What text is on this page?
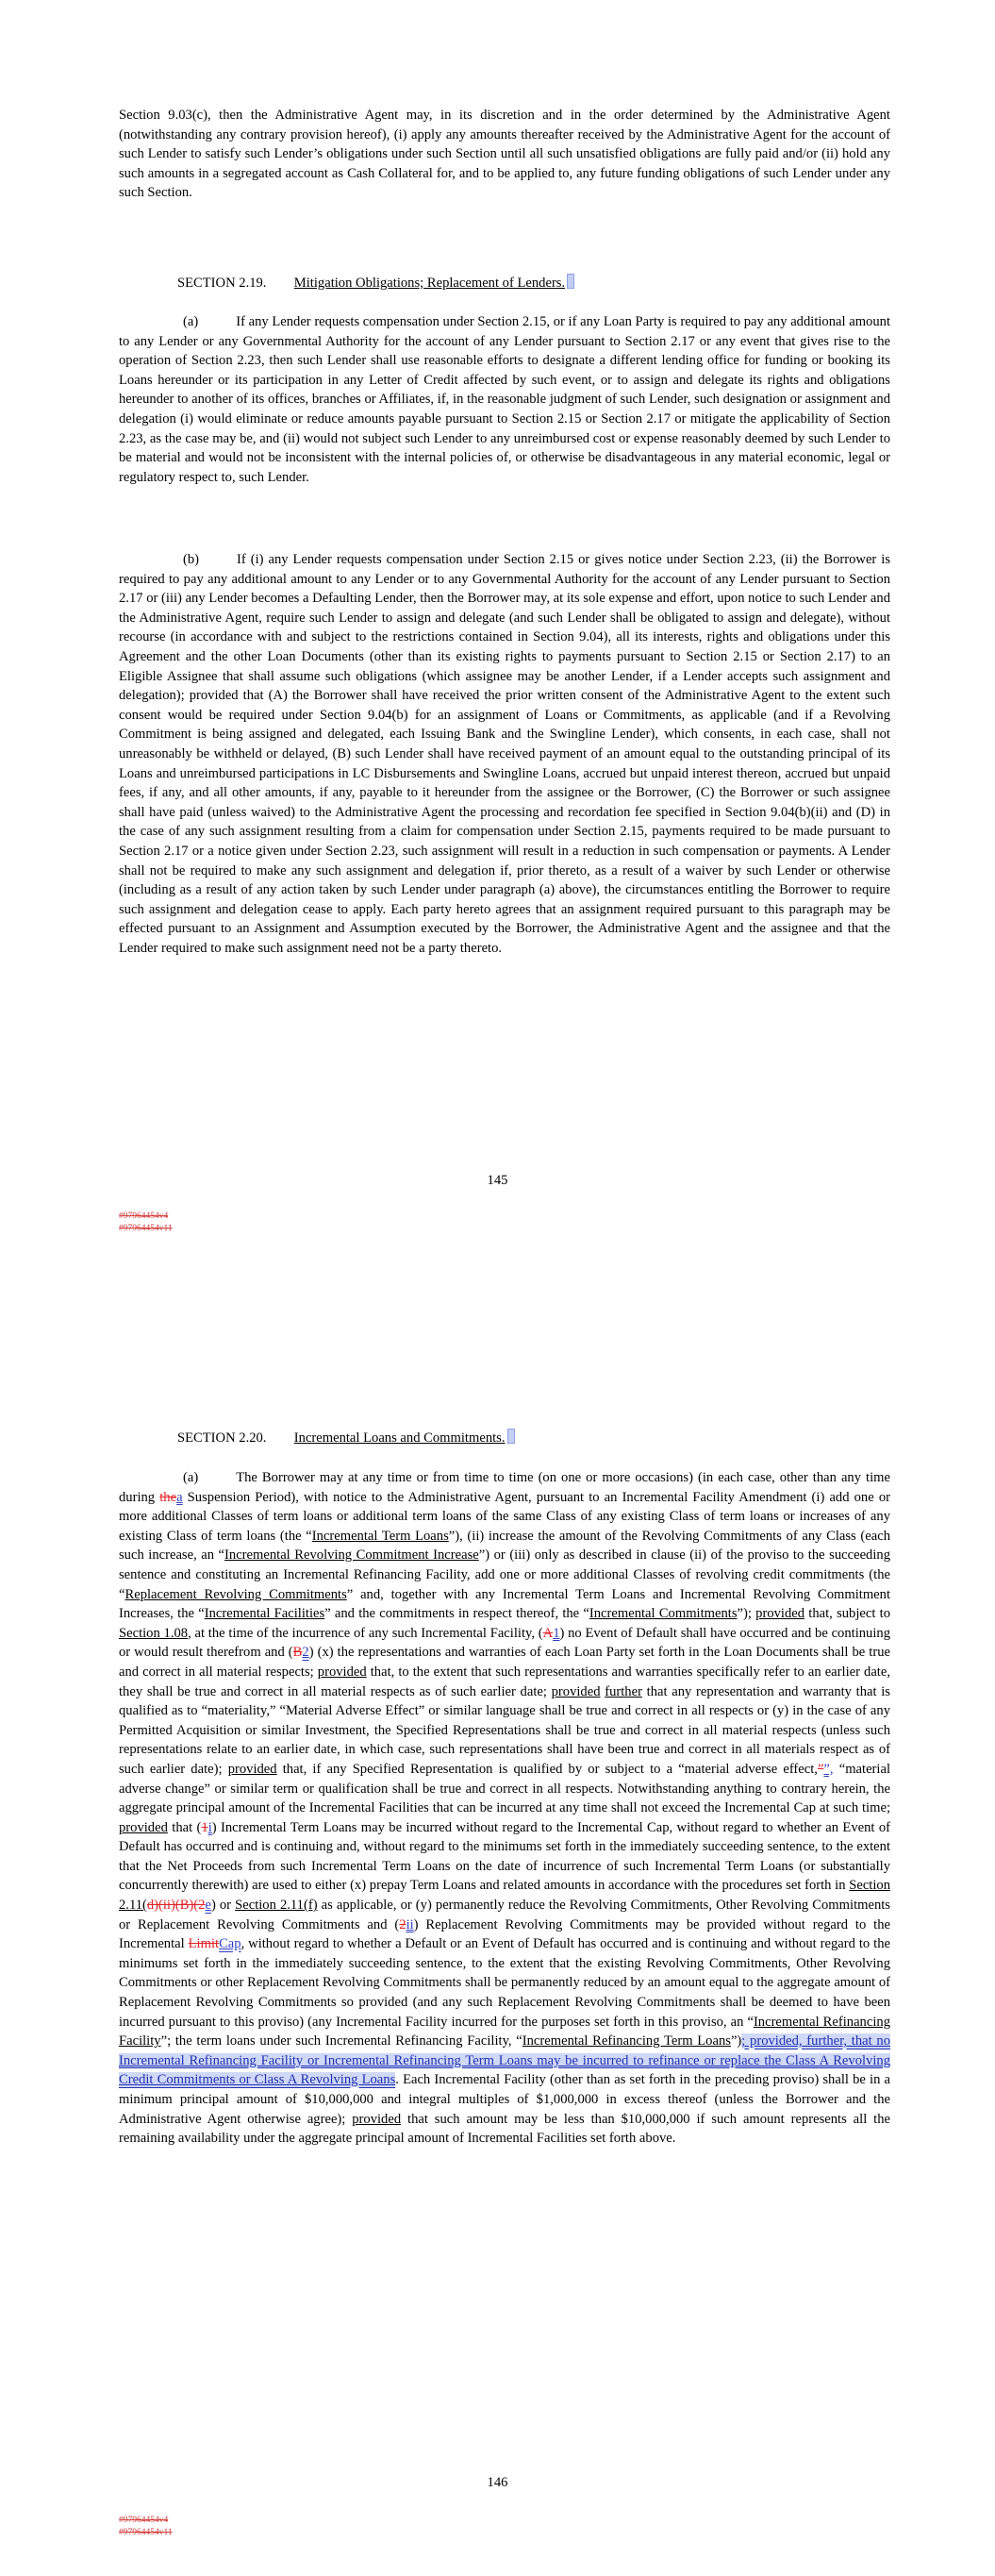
Section 9.03(c), then the Administrative Agent may, in its discretion and in the order determined by the Administrative Agent (notwithstanding any contrary provision hereof), (i) apply any amounts thereafter received by the Administrative Agent for the account of such Lender to satisfy such Lender’s obligations under such Section until all such unsatisfied obligations are fully paid and/or (ii) hold any such amounts in a segregated account as Cash Collateral for, and to be applied to, any future funding obligations of such Lender under any such Section.

SECTION 2.19. Mitigation Obligations; Replacement of Lenders.

(a)	If any Lender requests compensation under Section 2.15, or if any Loan Party is required to pay any additional amount to any Lender or any Governmental Authority for the account of any Lender pursuant to Section 2.17 or any event that gives rise to the operation of Section 2.23, then such Lender shall use reasonable efforts to designate a different lending office for funding or booking its Loans hereunder or its participation in any Letter of Credit affected by such event, or to assign and delegate its rights and obligations hereunder to another of its offices, branches or Affiliates, if, in the reasonable judgment of such Lender, such designation or assignment and delegation (i) would eliminate or reduce amounts payable pursuant to Section 2.15 or Section 2.17 or mitigate the applicability of Section 2.23, as the case may be, and (ii) would not subject such Lender to any unreimbursed cost or expense reasonably deemed by such Lender to be material and would not be inconsistent with the internal policies of, or otherwise be disadvantageous in any material economic, legal or regulatory respect to, such Lender.

(b)	If (i) any Lender requests compensation under Section 2.15 or gives notice under Section 2.23, (ii) the Borrower is required to pay any additional amount to any Lender or to any Governmental Authority for the account of any Lender pursuant to Section 2.17 or (iii) any Lender becomes a Defaulting Lender, then the Borrower may, at its sole expense and effort, upon notice to such Lender and the Administrative Agent, require such Lender to assign and delegate (and such Lender shall be obligated to assign and delegate), without recourse (in accordance with and subject to the restrictions contained in Section 9.04), all its interests, rights and obligations under this Agreement and the other Loan Documents (other than its existing rights to payments pursuant to Section 2.15 or Section 2.17) to an Eligible Assignee that shall assume such obligations (which assignee may be another Lender, if a Lender accepts such assignment and delegation); provided that (A) the Borrower shall have received the prior written consent of the Administrative Agent to the extent such consent would be required under Section 9.04(b) for an assignment of Loans or Commitments, as applicable (and if a Revolving Commitment is being assigned and delegated, each Issuing Bank and the Swingline Lender), which consents, in each case, shall not unreasonably be withheld or delayed, (B) such Lender shall have received payment of an amount equal to the outstanding principal of its Loans and unreimbursed participations in LC Disbursements and Swingline Loans, accrued but unpaid interest thereon, accrued but unpaid fees, if any, and all other amounts, if any, payable to it hereunder from the assignee or the Borrower, (C) the Borrower or such assignee shall have paid (unless waived) to the Administrative Agent the processing and recordation fee specified in Section 9.04(b)(ii) and (D) in the case of any such assignment resulting from a claim for compensation under Section 2.15, payments required to be made pursuant to Section 2.17 or a notice given under Section 2.23, such assignment will result in a reduction in such compensation or payments. A Lender shall not be required to make any such assignment and delegation if, prior thereto, as a result of a waiver by such Lender or otherwise (including as a result of any action taken by such Lender under paragraph (a) above), the circumstances entitling the Borrower to require such assignment and delegation cease to apply. Each party hereto agrees that an assignment required pursuant to this paragraph may be effected pursuant to an Assignment and Assumption executed by the Borrower, the Administrative Agent and the assignee and that the Lender required to make such assignment need not be a party thereto.

145
#97964454v4
#97964454v11
SECTION 2.20. Incremental Loans and Commitments.

(a)	The Borrower may at any time or from time to time (on one or more occasions) (in each case, other than any time during thea Suspension Period), with notice to the Administrative Agent, pursuant to an Incremental Facility Amendment (i) add one or more additional Classes of term loans or additional term loans of the same Class of any existing Class of term loans or increases of any existing Class of term loans (the “Incremental Term Loans”), (ii) increase the amount of the Revolving Commitments of any Class (each such increase, an “Incremental Revolving Commitment Increase”) or (iii) only as described in clause (ii) of the proviso to the succeeding sentence and constituting an Incremental Refinancing Facility, add one or more additional Classes of revolving credit commitments (the “Replacement Revolving Commitments” and, together with any Incremental Term Loans and Incremental Revolving Commitment Increases, the “Incremental Facilities” and the commitments in respect thereof, the “Incremental Commitments”); provided that, subject to Section 1.08, at the time of the incurrence of any such Incremental Facility, (A1) no Event of Default shall have occurred and be continuing or would result therefrom and (B2) (x) the representations and warranties of each Loan Party set forth in the Loan Documents shall be true and correct in all material respects; provided that, to the extent that such representations and warranties specifically refer to an earlier date, they shall be true and correct in all material respects as of such earlier date; provided further that any representation and warranty that is qualified as to “materiality,” “Material Adverse Effect” or similar language shall be true and correct in all respects or (y) in the case of any Permitted Acquisition or similar Investment, the Specified Representations shall be true and correct in all material respects (unless such representations relate to an earlier date, in which case, such representations shall have been true and correct in all materials respect as of such earlier date); provided that, if any Specified Representation is qualified by or subject to a “material adverse effect,””, “material adverse change” or similar term or qualification shall be true and correct in all respects. Notwithstanding anything to contrary herein, the aggregate principal amount of the Incremental Facilities that can be incurred at any time shall not exceed the Incremental Cap at such time; provided that (1i) Incremental Term Loans may be incurred without regard to the Incremental Cap, without regard to whether an Event of Default has occurred and is continuing and, without regard to the minimums set forth in the immediately succeeding sentence, to the extent that the Net Proceeds from such Incremental Term Loans on the date of incurrence of such Incremental Term Loans (or substantially concurrently therewith) are used to either (x) prepay Term Loans and related amounts in accordance with the procedures set forth in Section 2.11(d)(ii)(B)(2e) or Section 2.11(f) as applicable, or (y) permanently reduce the Revolving Commitments, Other Revolving Commitments or Replacement Revolving Commitments and (2ii) Replacement Revolving Commitments may be provided without regard to the Incremental LimitCap, without regard to whether a Default or an Event of Default has occurred and is continuing and without regard to the minimums set forth in the immediately succeeding sentence, to the extent that the existing Revolving Commitments, Other Revolving Commitments or other Replacement Revolving Commitments shall be permanently reduced by an amount equal to the aggregate amount of Replacement Revolving Commitments so provided (and any such Replacement Revolving Commitments shall be deemed to have been incurred pursuant to this proviso) (any Incremental Facility incurred for the purposes set forth in this proviso, an “Incremental Refinancing Facility”; the term loans under such Incremental Refinancing Facility, “Incremental Refinancing Term Loans”); provided, further, that no Incremental Refinancing Facility or Incremental Refinancing Term Loans may be incurred to refinance or replace the Class A Revolving Credit Commitments or Class A Revolving Loans. Each Incremental Facility (other than as set forth in the preceding proviso) shall be in a minimum principal amount of $10,000,000 and integral multiples of $1,000,000 in excess thereof (unless the Borrower and the Administrative Agent otherwise agree); provided that such amount may be less than $10,000,000 if such amount represents all the remaining availability under the aggregate principal amount of Incremental Facilities set forth above.

146
#97964454v4
#97964454v11
